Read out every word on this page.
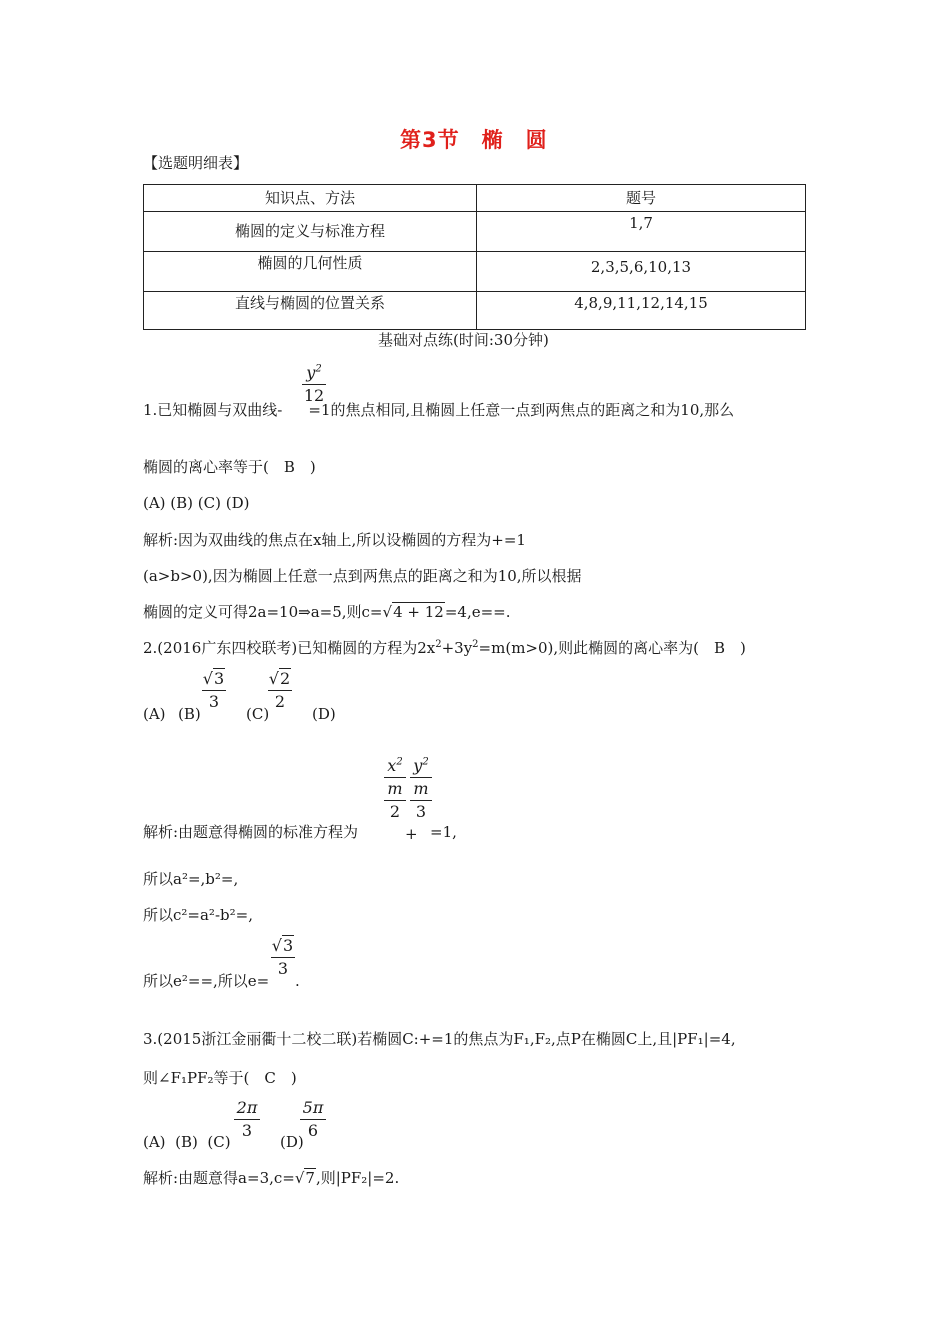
第3节　椭　圆
【选题明细表】
知识点、方法	题号
椭圆的定义与标准方程	1,7
椭圆的几何性质	2,3,5,6,10,13
直线与椭圆的位置关系	4,8,9,11,12,14,15
基础对点练(时间:30分钟)
$y^2$
12
1.已知椭圆与双曲线- =1的焦点相同,且椭圆上任意一点到两焦点的距离之和为10,那么
椭圆的离心率等于(　B　)
(A) (B) (C) (D)
解析:因为双曲线的焦点在x轴上,所以设椭圆的方程为+=1
(a>b>0),因为椭圆上任意一点到两焦点的距离之和为10,所以根据
椭圆的定义可得2a=10⇒a=5,则c=√4 + 12=4,e==.
2.(2016广东四校联考)已知椭圆的方程为$2x^2+3y^2=m(m>0)$,则此椭圆的离心率为(　B　)
(A) (B)
√3
3
(C)
√2
2
(D)
$x^2$
m
2
+
$y^2$
m
3
解析:由题意得椭圆的标准方程为	=1,
所以a²=,b²=,
所以c²=a²-b²=,
所以e²==,所以e=
√3
3
.
3.(2015浙江金丽衢十二校二联)若椭圆C:+=1的焦点为F₁,F₂,点P在椭圆C上,且|PF₁|=4,
则∠F₁PF₂等于(　C　)
(A) (B) (C)
2π
3
(D)
5π
6
解析:由题意得a=3,c=√7,则|PF₂|=2.
